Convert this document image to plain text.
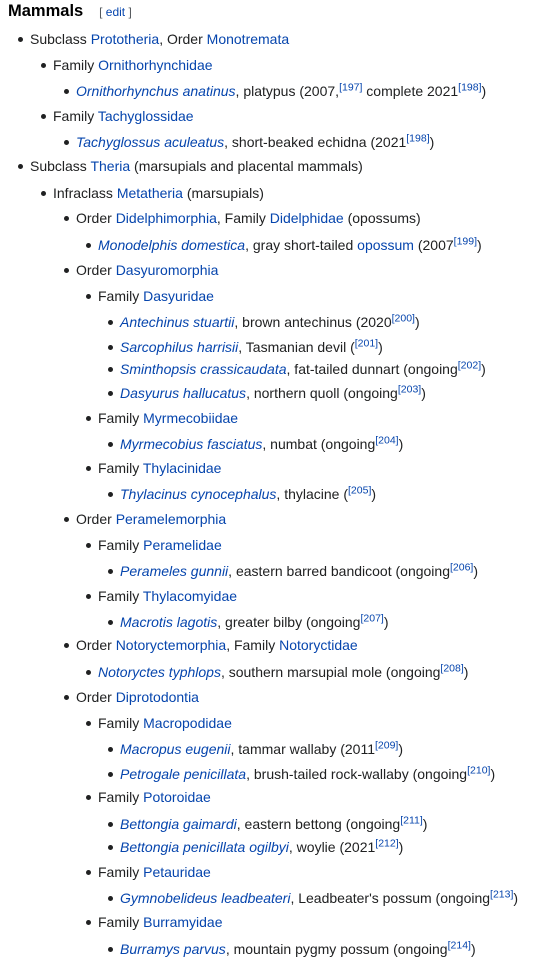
Mammals [ edit ]
Subclass Prototheria, Order Monotremata
Family Ornithorhynchidae
Ornithorhynchus anatinus, platypus (2007,[197] complete 2021[198])
Family Tachyglossidae
Tachyglossus aculeatus, short-beaked echidna (2021[198])
Subclass Theria (marsupials and placental mammals)
Infraclass Metatheria (marsupials)
Order Didelphimorphia, Family Didelphidae (opossums)
Monodelphis domestica, gray short-tailed opossum (2007[199])
Order Dasyuromorphia
Family Dasyuridae
Antechinus stuartii, brown antechinus (2020[200])
Sarcophilus harrisii, Tasmanian devil ([201])
Sminthopsis crassicaudata, fat-tailed dunnart (ongoing[202])
Dasyurus hallucatus, northern quoll (ongoing[203])
Family Myrmecobiidae
Myrmecobius fasciatus, numbat (ongoing[204])
Family Thylacinidae
Thylacinus cynocephalus, thylacine ([205])
Order Peramelemorphia
Family Peramelidae
Perameles gunnii, eastern barred bandicoot (ongoing[206])
Family Thylacomyidae
Macrotis lagotis, greater bilby (ongoing[207])
Order Notoryctemorphia, Family Notoryctidae
Notoryctes typhlops, southern marsupial mole (ongoing[208])
Order Diprotodontia
Family Macropodidae
Macropus eugenii, tammar wallaby (2011[209])
Petrogale penicillata, brush-tailed rock-wallaby (ongoing[210])
Family Potoroidae
Bettongia gaimardi, eastern bettong (ongoing[211])
Bettongia penicillata ogilbyi, woylie (2021[212])
Family Petauridae
Gymnobelideus leadbeateri, Leadbeater's possum (ongoing[213])
Family Burramyidae
Burramys parvus, mountain pygmy possum (ongoing[214])
